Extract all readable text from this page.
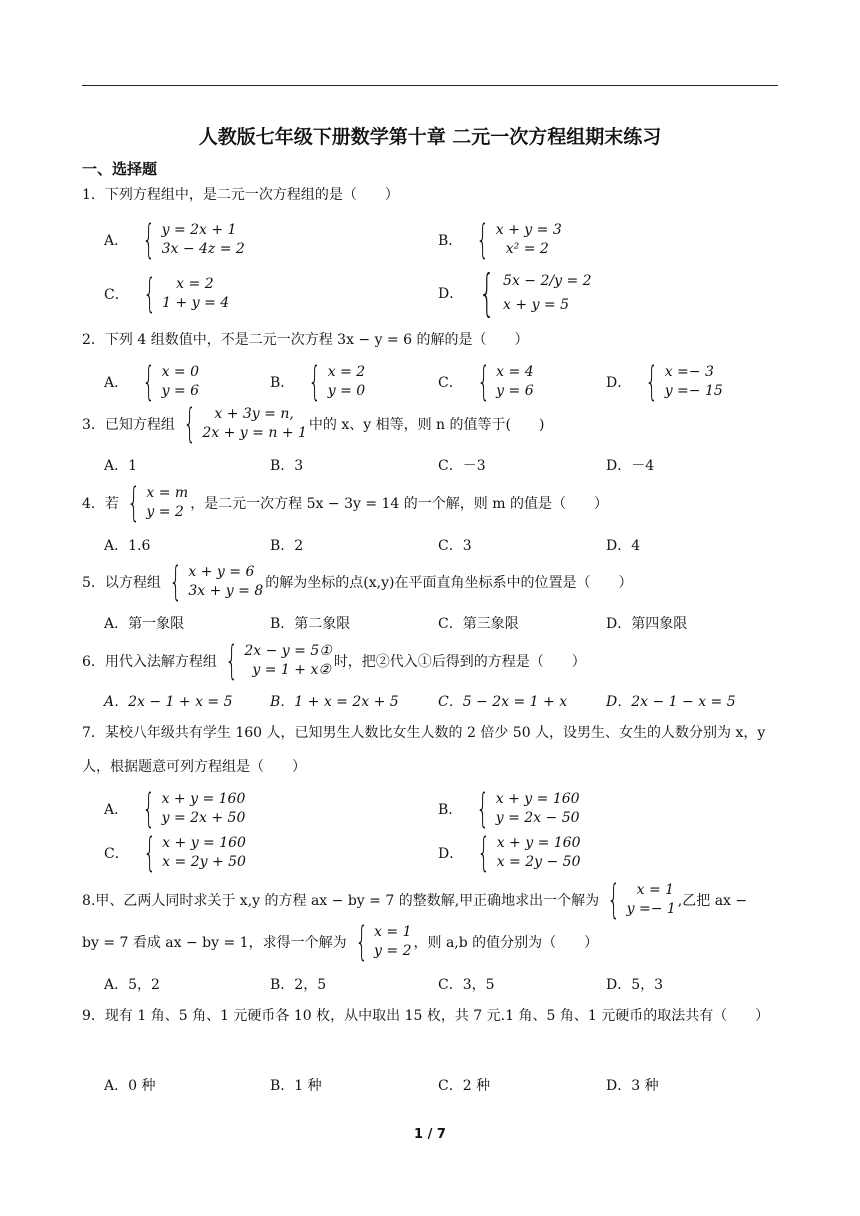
人教版七年级下册数学第十章 二元一次方程组期末练习
一、选择题
1．下列方程组中，是二元一次方程组的是（　　）
A． { y = 2x + 1
3x − 4z = 2	B． { x + y = 3
x² = 2
C． {	x = 2
1 + y = 4
D． { 5x − 2/y = 2
x + y = 5
2．下列 4 组数值中，不是二元一次方程 3x − y = 6 的解的是（　　）
A． { x = 0
y = 6	B． { x = 2
y = 0	C． { x = 4
y = 6	D． { x =− 3
y =− 15
3．已知方程组 {	x + 3y = n,
2x + y = n + 1 中的 x、y 相等，则 n 的值等于(　　)
A．1	B．3	C．－3	D．－4
4．若 { x = m
y = 2 ，是二元一次方程 5x − 3y = 14 的一个解，则 m 的值是（　　）
A．1.6	B．2	C．3	D．4
5．以方程组 { x + y = 6
3x + y = 8 的解为坐标的点(x,y)在平面直角坐标系中的位置是（　　）
A．第一象限	B．第二象限	C．第三象限	D．第四象限
6．用代入法解方程组 { 2x − y = 5①
y = 1 + x② 时，把②代入①后得到的方程是（　　）
A．2x − 1 + x = 5	B．1 + x = 2x + 5	C．5 − 2x = 1 + x	D．2x − 1 − x = 5
7．某校八年级共有学生 160 人，已知男生人数比女生人数的 2 倍少 50 人，设男生、女生的人数分别为 x，y 人，根据题意可列方程组是（　　）
A． { x + y = 160
y = 2x + 50	B． { x + y = 160
y = 2x − 50
C． { x + y = 160
x = 2y + 50	D． { x + y = 160
x = 2y − 50
8.甲、乙两人同时求关于 x,y 的方程 ax − by = 7 的整数解,甲正确地求出一个解为 {	x = 1
y =− 1 ,乙把 ax −
by = 7 看成 ax − by = 1，求得一个解为 { x = 1
y = 2 ，则 a,b 的值分别为（　　）
A．5，2	B．2，5	C．3，5	D．5，3
9．现有 1 角、5 角、1 元硬币各 10 枚，从中取出 15 枚，共 7 元.1 角、5 角、1 元硬币的取法共有（　　）
A．0 种	B．1 种	C．2 种	D．3 种
1 / 7
